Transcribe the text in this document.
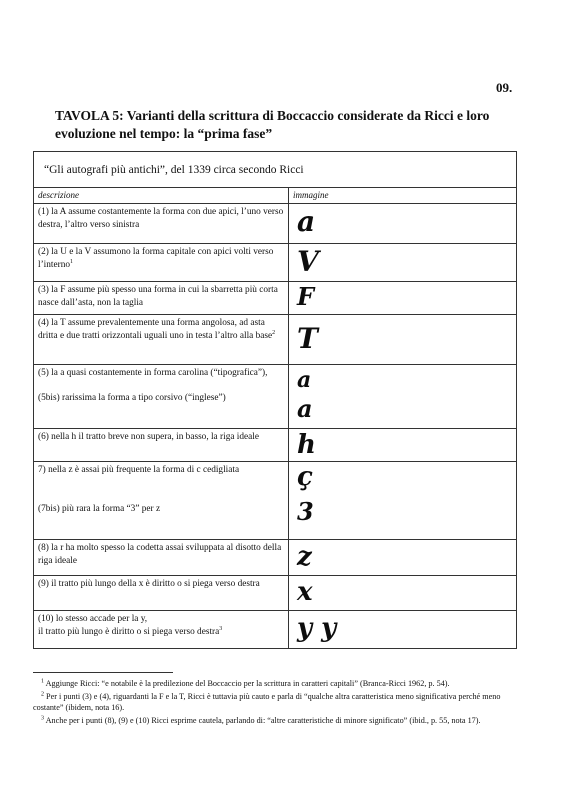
09.
TAVOLA 5: Varianti della scrittura di Boccaccio considerate da Ricci e loro evoluzione nel tempo: la “prima fase”
“Gli autografi più antichi”, del 1339 circa secondo Ricci	
descrizione	immagine
(1) la A assume costantemente la forma con due apici, l’uno verso destra, l’altro verso sinistra	a

(2) la U e la V assumono la forma capitale con apici volti verso l’interno$^1$	V

(3) la F assume più spesso una forma in cui la sbarretta più corta nasce dall’asta, non la taglia	F

(4) la T assume prevalentemente una forma angolosa, ad asta dritta e due tratti orizzontali uguali uno in testa l’altro alla base$^2$	T

(5) la a quasi costantemente in forma carolina (“tipografica”),
(5bis) rarissima la forma a tipo corsivo (“inglese”)	a
a

(6) nella h il tratto breve non supera, in basso, la riga ideale	h

7) nella z è assai più frequente la forma di c cedigliata
(7bis) più rara la forma “3” per z	ç
3

(8) la r ha molto spesso la codetta assai sviluppata al disotto della riga ideale	z

(9) il tratto più lungo della x è diritto o si piega verso destra	x

(10) lo stesso accade per la y,
il tratto più lungo è diritto o si piega verso destra$^3$	y y

$^1$ Aggiunge Ricci: “e notabile è la predilezione del Boccaccio per la scrittura in caratteri capitali” (Branca-Ricci 1962, p. 54).

$^2$ Per i punti (3) e (4), riguardanti la F e la T, Ricci è tuttavia più cauto e parla di “qualche altra caratteristica meno significativa perché meno costante” (ibidem, nota 16).

$^3$ Anche per i punti (8), (9) e (10) Ricci esprime cautela, parlando di: “altre caratteristiche di minore significato” (ibid., p. 55, nota 17).
